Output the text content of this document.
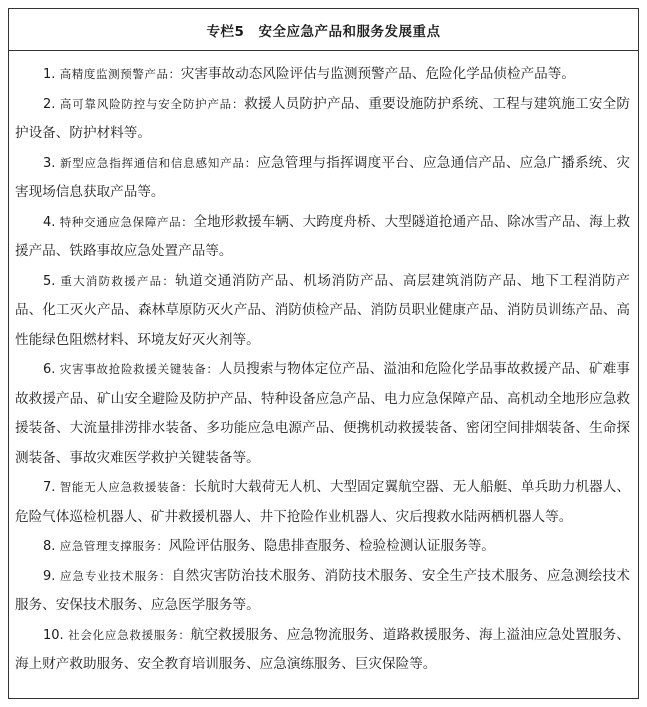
专栏5 安全应急产品和服务发展重点
1. 高精度监测预警产品：灾害事故动态风险评估与监测预警产品、危险化学品侦检产品等。
2. 高可靠风险防控与安全防护产品：救援人员防护产品、重要设施防护系统、工程与建筑施工安全防护设备、防护材料等。
3. 新型应急指挥通信和信息感知产品：应急管理与指挥调度平台、应急通信产品、应急广播系统、灾害现场信息获取产品等。
4. 特种交通应急保障产品：全地形救援车辆、大跨度舟桥、大型隧道抢通产品、除冰雪产品、海上救援产品、铁路事故应急处置产品等。
5. 重大消防救援产品：轨道交通消防产品、机场消防产品、高层建筑消防产品、地下工程消防产品、化工灭火产品、森林草原防灭火产品、消防侦检产品、消防员职业健康产品、消防员训练产品、高性能绿色阻燃材料、环境友好灭火剂等。
6. 灾害事故抢险救援关键装备：人员搜索与物体定位产品、溢油和危险化学品事故救援产品、矿难事故救援产品、矿山安全避险及防护产品、特种设备应急产品、电力应急保障产品、高机动全地形应急救援装备、大流量排涝排水装备、多功能应急电源产品、便携机动救援装备、密闭空间排烟装备、生命探测装备、事故灾难医学救护关键装备等。
7. 智能无人应急救援装备：长航时大载荷无人机、大型固定翼航空器、无人船艇、单兵助力机器人、危险气体巡检机器人、矿井救援机器人、井下抢险作业机器人、灾后搜救水陆两栖机器人等。
8. 应急管理支撑服务：风险评估服务、隐患排查服务、检验检测认证服务等。
9. 应急专业技术服务：自然灾害防治技术服务、消防技术服务、安全生产技术服务、应急测绘技术服务、安保技术服务、应急医学服务等。
10. 社会化应急救援服务：航空救援服务、应急物流服务、道路救援服务、海上溢油应急处置服务、海上财产救助服务、安全教育培训服务、应急演练服务、巨灾保险等。
